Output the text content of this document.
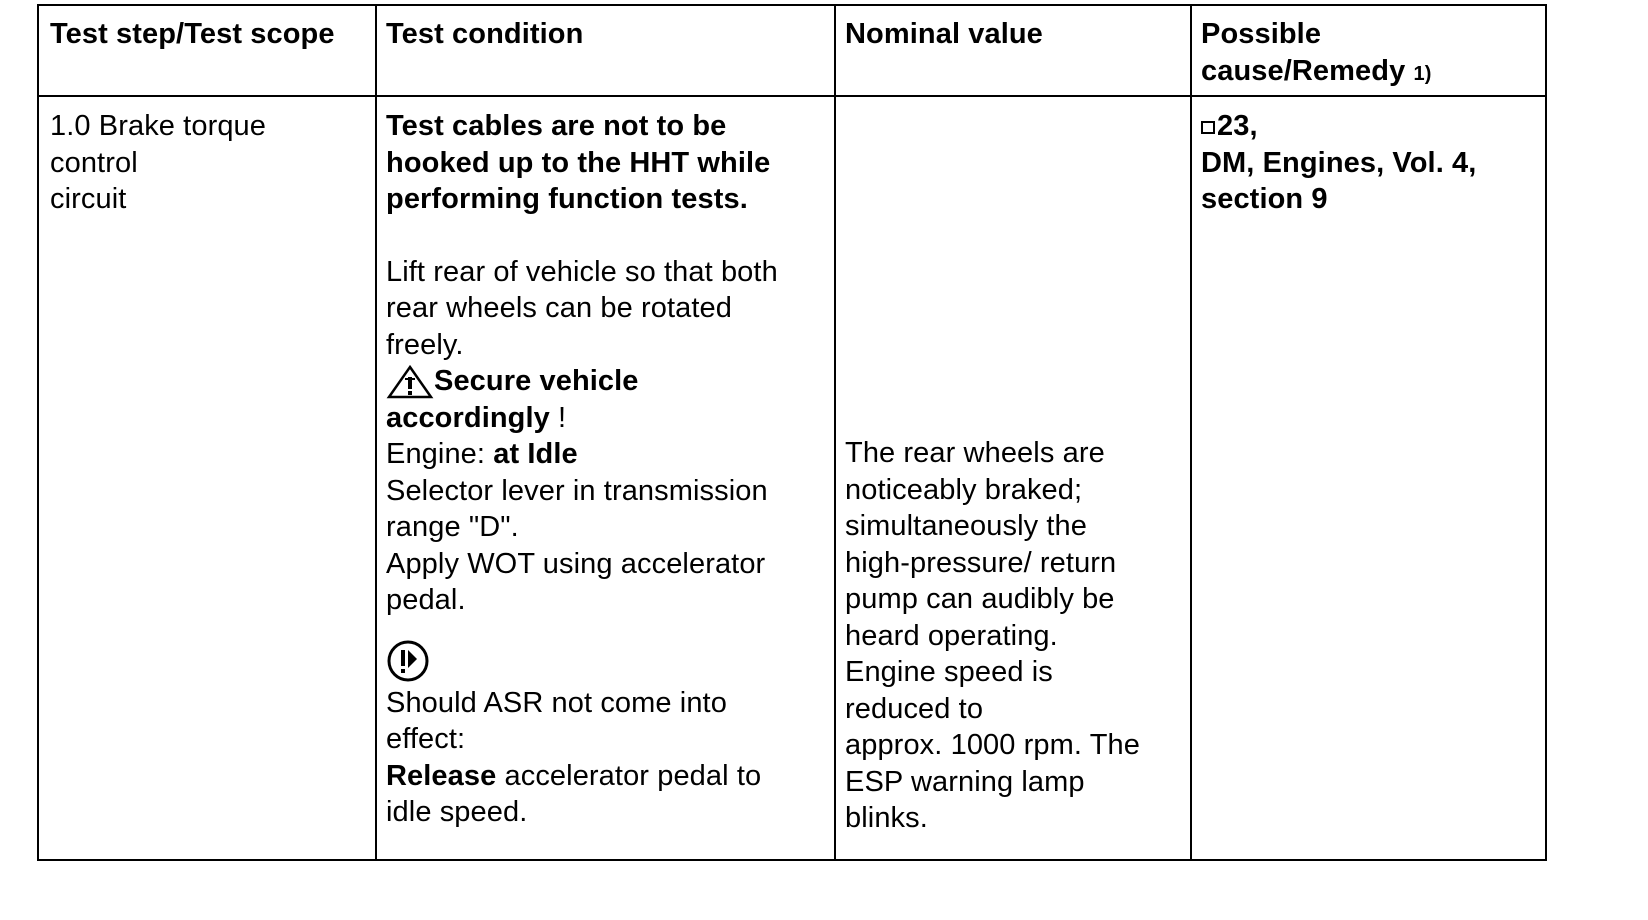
Test step/Test scope Test condition	Nominal value	Possible
cause/Remedy 1)
1.0 Brake torque
control
circuit
Test cables are not to be
hooked up to the HHT while
performing function tests.
Lift rear of vehicle so that both
rear wheels can be rotated
freely.
Secure vehicle
accordingly !
Engine: at Idle
Selector lever in transmission
range "D".
Apply WOT using accelerator
pedal.
Should ASR not come into
effect:
Release accelerator pedal to
idle speed.
The rear wheels are
noticeably braked;
simultaneously the
high-pressure/ return
pump can audibly be
heard operating.
Engine speed is
reduced to
approx. 1000 rpm. The
ESP warning lamp
blinks.
23,
DM, Engines, Vol. 4,
section 9
